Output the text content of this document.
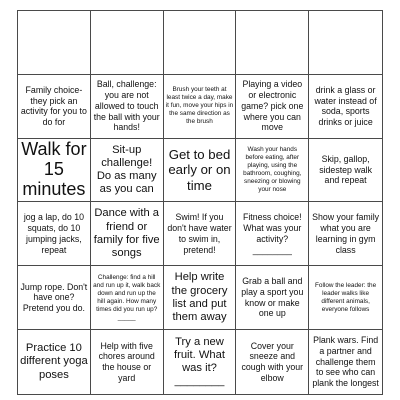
Family choice- they pick an activity for you to do for
Ball, challenge: you are not allowed to touch the ball with your hands!
Brush your teeth at least twice a day, make it fun, move your hips in the same direction as the brush
Playing a video or electronic game? pick one where you can move
drink a glass or water instead of soda, sports drinks or juice
Walk for 15 minutes
Sit-up challenge! Do as many as you can
Get to bed early or on time
Wash your hands before eating, after playing, using the bathroom, coughing, sneezing or blowing your nose
Skip, gallop, sidestep walk and repeat
jog a lap, do 10 squats, do 10 jumping jacks, repeat
Dance with a friend or family for five songs
Swim! If you don't have water to swim in, pretend!
Fitness choice! What was your activity? ________
Show your family what you are learning in gym class
Jump rope. Don't have one? Pretend you do.
Challenge: find a hill and run up it, walk back down and run up the hill again. How many times did you run up? _____
Help write the grocery list and put them away
Grab a ball and play a sport you know or make one up
Follow the leader: the leader walks like different animals, everyone follows
Practice 10 different yoga poses
Help with five chores around the house or yard
Try a new fruit. What was it? ________
Cover your sneeze and cough with your elbow
Plank wars. Find a partner and challenge them to see who can plank the longest
